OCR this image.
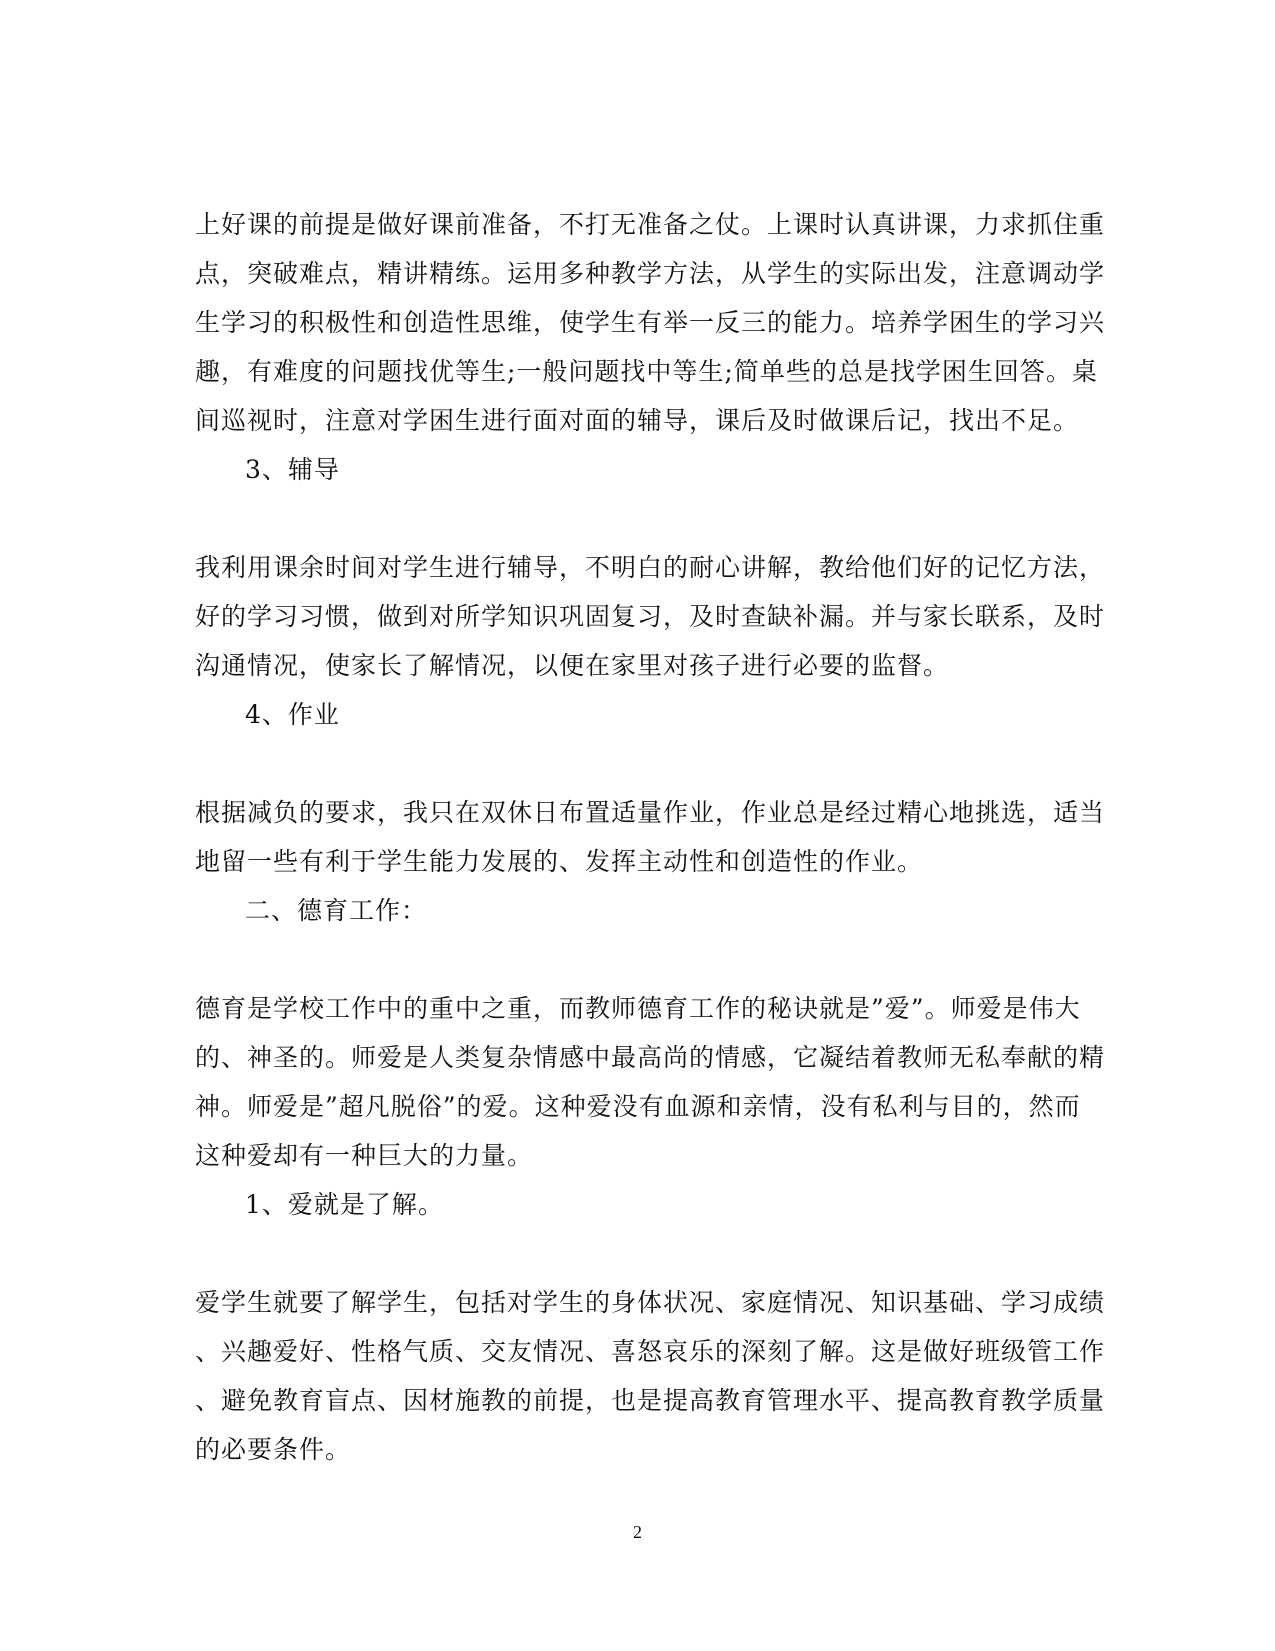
上好课的前提是做好课前准备，不打无准备之仗。上课时认真讲课，力求抓住重
点，突破难点，精讲精练。运用多种教学方法，从学生的实际出发，注意调动学
生学习的积极性和创造性思维，使学生有举一反三的能力。培养学困生的学习兴
趣，有难度的问题找优等生;一般问题找中等生;简单些的总是找学困生回答。桌
间巡视时，注意对学困生进行面对面的辅导，课后及时做课后记，找出不足。

3、辅导

我利用课余时间对学生进行辅导，不明白的耐心讲解，教给他们好的记忆方法，
好的学习习惯，做到对所学知识巩固复习，及时查缺补漏。并与家长联系，及时
沟通情况，使家长了解情况，以便在家里对孩子进行必要的监督。

4、作业

根据减负的要求，我只在双休日布置适量作业，作业总是经过精心地挑选，适当
地留一些有利于学生能力发展的、发挥主动性和创造性的作业。

二、德育工作：

德育是学校工作中的重中之重，而教师德育工作的秘诀就是”爱”。师爱是伟大
的、神圣的。师爱是人类复杂情感中最高尚的情感，它凝结着教师无私奉献的精
神。师爱是”超凡脱俗”的爱。这种爱没有血源和亲情，没有私利与目的，然而
这种爱却有一种巨大的力量。

1、爱就是了解。

爱学生就要了解学生，包括对学生的身体状况、家庭情况、知识基础、学习成绩
、兴趣爱好、性格气质、交友情况、喜怒哀乐的深刻了解。这是做好班级管工作
、避免教育盲点、因材施教的前提，也是提高教育管理水平、提高教育教学质量
的必要条件。

2
